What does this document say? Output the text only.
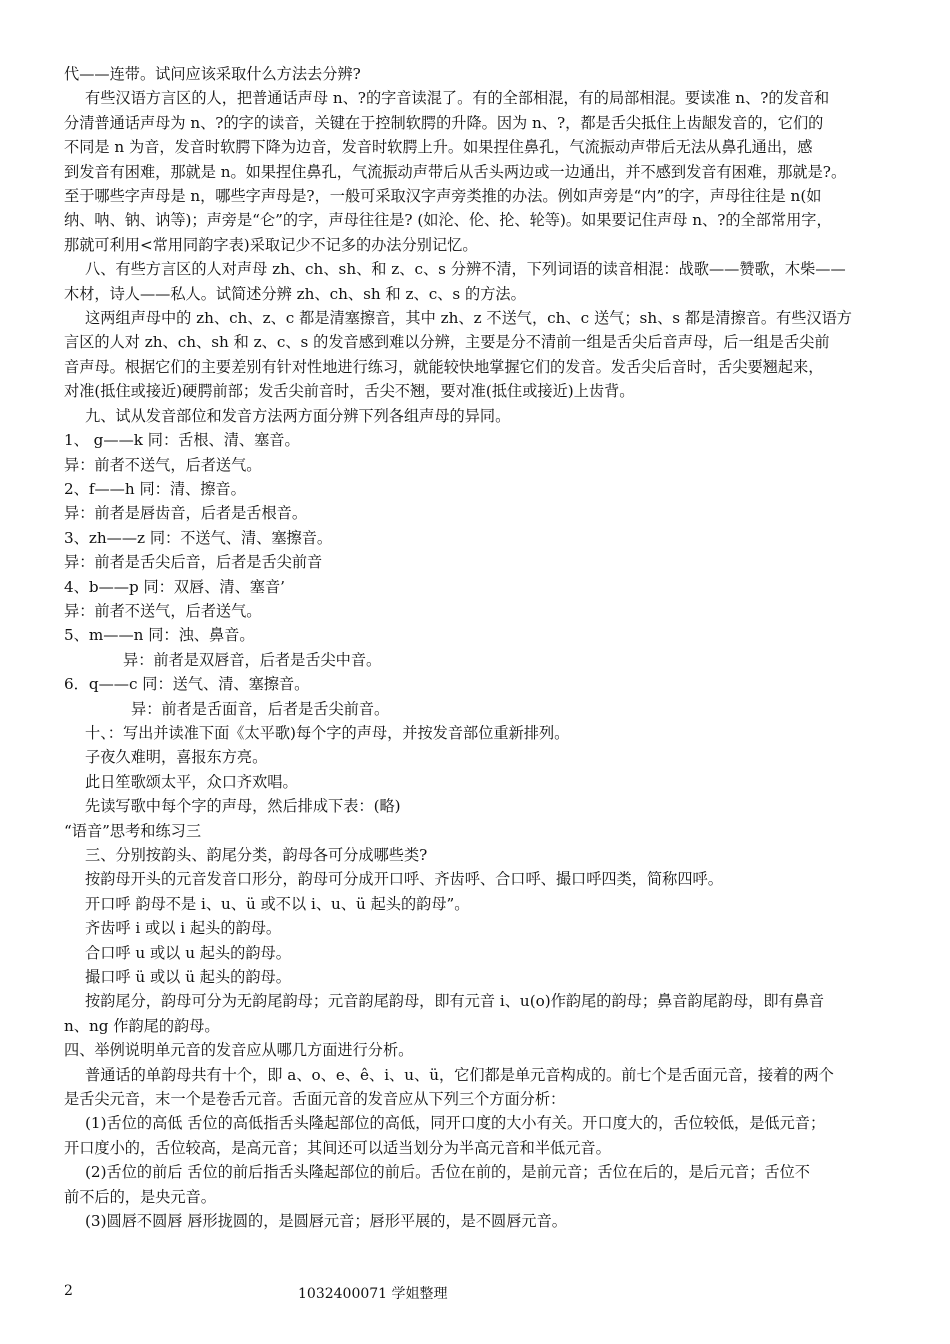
代——连带。试问应该采取什么方法去分辨?
有些汉语方言区的人，把普通话声母 n、?的字音读混了。有的全部相混，有的局部相混。要读准 n、?的发音和
分清普通话声母为 n、?的字的读音，关键在于控制软腭的升降。因为 n、?，都是舌尖抵住上齿龈发音的，它们的
不同是 n 为音，发音时软腭下降为边音，发音时软腭上升。如果捏住鼻孔，气流振动声带后无法从鼻孔通出，感
到发音有困难，那就是 n。如果捏住鼻孔，气流振动声带后从舌头两边或一边通出，并不感到发音有困难，那就是?。
至于哪些字声母是 n，哪些字声母是?，一般可采取汉字声旁类推的办法。例如声旁是“内”的字，声母往往是 n(如
纳、呐、钠、讷等)；声旁是“仑”的字，声母往往是? (如沦、伦、抡、轮等)。如果要记住声母 n、?的全部常用字，
那就可利用<常用同韵字表)采取记少不记多的办法分别记忆。
八、有些方言区的人对声母 zh、ch、sh、和 z、c、s 分辨不清，下列词语的读音相混：战歌——赞歌，木柴——
木材，诗人——私人。试简述分辨 zh、ch、sh 和 z、c、s 的方法。
这两组声母中的 zh、ch、z、c 都是清塞擦音，其中 zh、z 不送气，ch、c 送气；sh、s 都是清擦音。有些汉语方
言区的人对 zh、ch、sh 和 z、c、s 的发音感到难以分辨，主要是分不清前一组是舌尖后音声母，后一组是舌尖前
音声母。根据它们的主要差别有针对性地进行练习，就能较快地掌握它们的发音。发舌尖后音时，舌尖要翘起来，
对准(抵住或接近)硬腭前部；发舌尖前音时，舌尖不翘，要对准(抵住或接近)上齿背。
九、试从发音部位和发音方法两方面分辨下列各组声母的异同。
1、 g——k 同：舌根、清、塞音。
异：前者不送气，后者送气。
2、f——h 同：清、擦音。
异：前者是唇齿音，后者是舌根音。
3、zh——z 同：不送气、清、塞擦音。
异：前者是舌尖后音，后者是舌尖前音
4、b——p 同：双唇、清、塞音’
异：前者不送气，后者送气。
5、m——n 同：浊、鼻音。
异：前者是双唇音，后者是舌尖中音。
6．q——c 同：送气、清、塞擦音。
异：前者是舌面音，后者是舌尖前音。
十、：写出并读准下面《太平歌)每个字的声母，并按发音部位重新排列。
子夜久难明，喜报东方亮。
此日笙歌颂太平，众口齐欢唱。
先读写歌中每个字的声母，然后排成下表：(略)
“语音”思考和练习三
三、分别按韵头、韵尾分类，韵母各可分成哪些类?
按韵母开头的元音发音口形分，韵母可分成开口呼、齐齿呼、合口呼、撮口呼四类，简称四呼。
开口呼 韵母不是 i、u、ü 或不以 i、u、ü 起头的韵母”。
齐齿呼 i 或以 i 起头的韵母。
合口呼 u 或以 u 起头的韵母。
撮口呼 ü 或以 ü 起头的韵母。
按韵尾分，韵母可分为无韵尾韵母；元音韵尾韵母，即有元音 i、u(o)作韵尾的韵母；鼻音韵尾韵母，即有鼻音
n、ng 作韵尾的韵母。
四、举例说明单元音的发音应从哪几方面进行分析。
普通话的单韵母共有十个，即 a、o、e、ê、i、u、ü，它们都是单元音构成的。前七个是舌面元音，接着的两个
是舌尖元音，末一个是卷舌元音。舌面元音的发音应从下列三个方面分析：
(1)舌位的高低 舌位的高低指舌头隆起部位的高低，同开口度的大小有关。开口度大的，舌位较低，是低元音；
开口度小的，舌位较高，是高元音；其间还可以适当划分为半高元音和半低元音。
(2)舌位的前后 舌位的前后指舌头隆起部位的前后。舌位在前的，是前元音；舌位在后的，是后元音；舌位不
前不后的，是央元音。
(3)圆唇不圆唇 唇形拢圆的，是圆唇元音；唇形平展的，是不圆唇元音。
2	1032400071 学姐整理
